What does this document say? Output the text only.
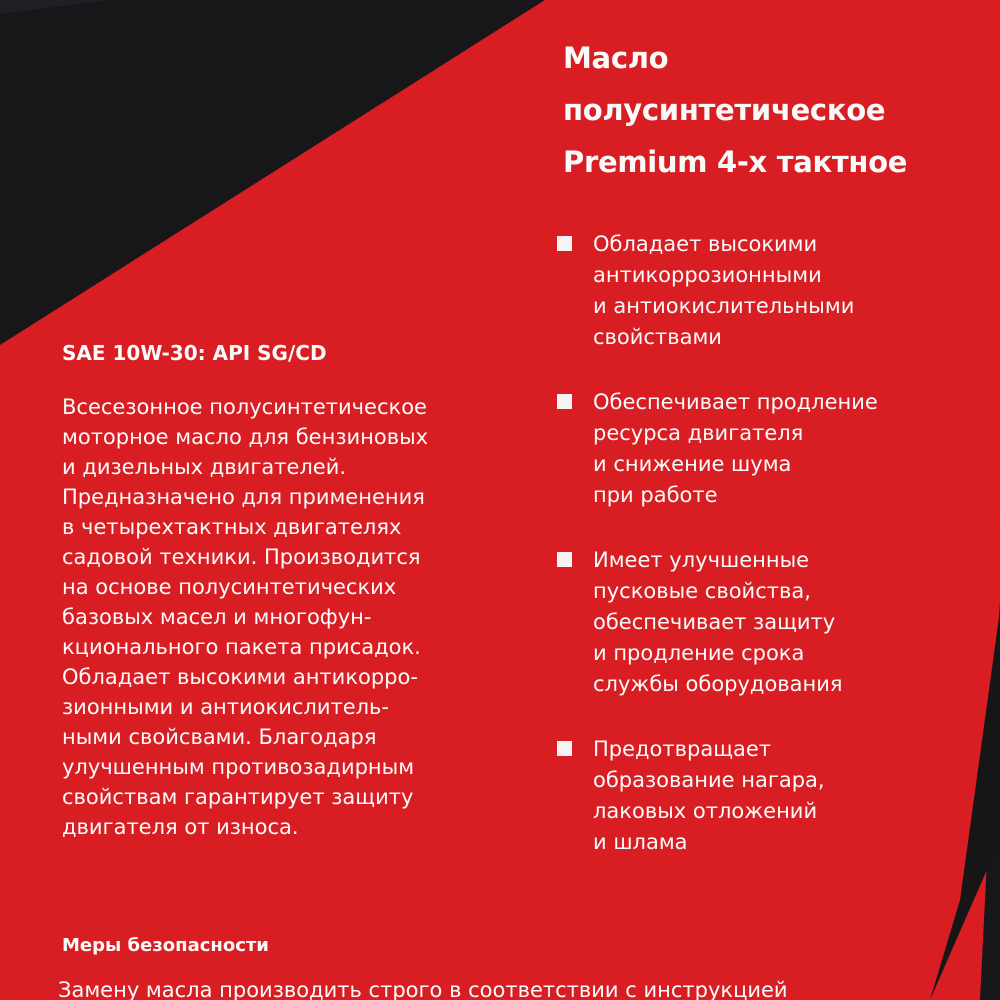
Масло
полусинтетическое
Premium 4-х тактное
SAE 10W-30: API SG/CD
Всесезонное полусинтетическое
моторное масло для бензиновых
и дизельных двигателей.
Предназначено для применения
в четырехтактных двигателях
садовой техники. Производится
на основе полусинтетических
базовых масел и многофун-
кционального пакета присадок.
Обладает высокими антикорро-
зионными и антиокислитель-
ными свойсвами. Благодаря
улучшенным противозадирным
свойствам гарантирует защиту
двигателя от износа.
Обладает высокими
антикоррозионными
и антиокислительными
свойствами
Обеспечивает продление
ресурса двигателя
и снижение шума
при работе
Имеет улучшенные
пусковые свойства,
обеспечивает защиту
и продление срока
службы оборудования
Предотвращает
образование нагара,
лаковых отложений
и шлама
Меры безопасности
Замену масла производить строго в соответствии с инструкцией
